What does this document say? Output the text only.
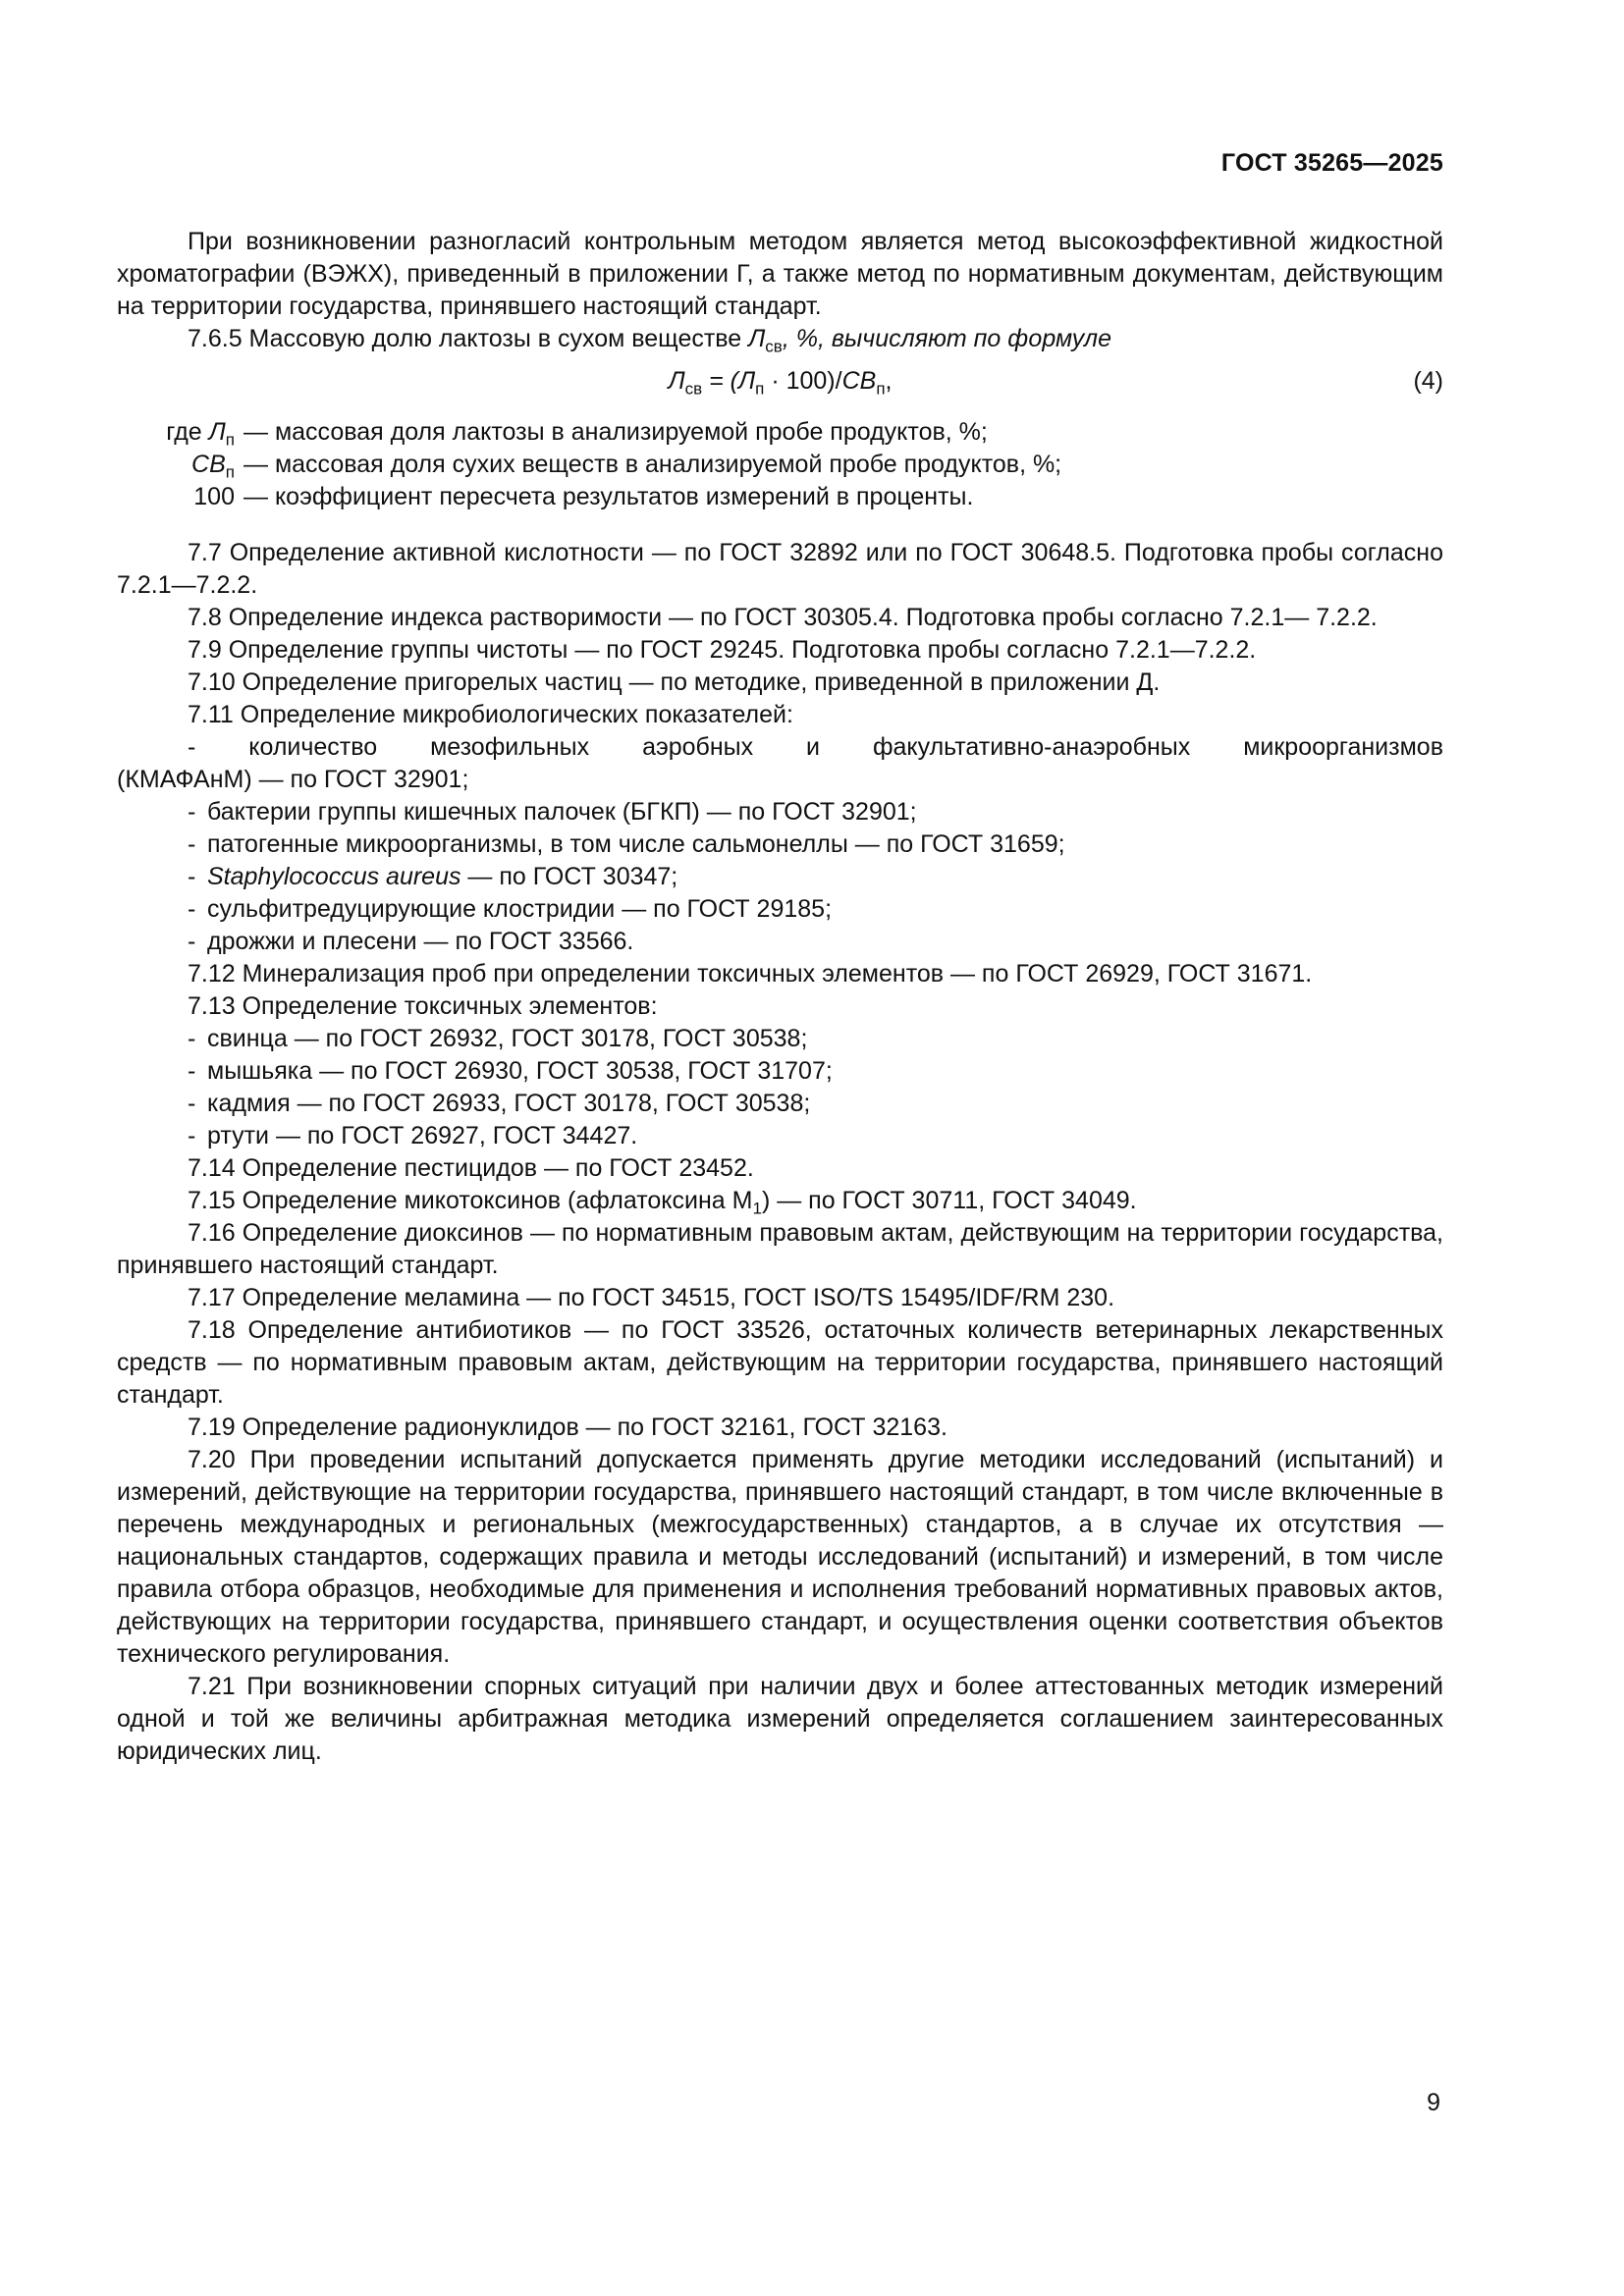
ГОСТ 35265—2025

При возникновении разногласий контрольным методом является метод высокоэффективной жидкостной хроматографии (ВЭЖХ), приведенный в приложении Г, а также метод по нормативным документам, действующим на территории государства, принявшего настоящий стандарт.

7.6.5 Массовую долю лактозы в сухом веществе $Л_{св}$, %, вычисляют по формуле

$Л_{св} = (Л_п \cdot 100)/СВ_п$,	(4)
где $Л_п$ — массовая доля лактозы в анализируемой пробе продуктов, %;
$СВ_п$ — массовая доля сухих веществ в анализируемой пробе продуктов, %;
100 — коэффициент пересчета результатов измерений в проценты.

7.7 Определение активной кислотности — по ГОСТ 32892 или по ГОСТ 30648.5. Подготовка пробы согласно 7.2.1—7.2.2.

7.8 Определение индекса растворимости — по ГОСТ 30305.4. Подготовка пробы согласно 7.2.1— 7.2.2.

7.9 Определение группы чистоты — по ГОСТ 29245. Подготовка пробы согласно 7.2.1—7.2.2.

7.10 Определение пригорелых частиц — по методике, приведенной в приложении Д.

7.11 Определение микробиологических показателей:

- количество мезофильных аэробных и факультативно-анаэробных микроорганизмов

(КМАФАнМ) — по ГОСТ 32901;

- бактерии группы кишечных палочек (БГКП) — по ГОСТ 32901;

- патогенные микроорганизмы, в том числе сальмонеллы — по ГОСТ 31659;

- Staphylococcus aureus — по ГОСТ 30347;

- сульфитредуцирующие клостридии — по ГОСТ 29185;

- дрожжи и плесени — по ГОСТ 33566.

7.12 Минерализация проб при определении токсичных элементов — по ГОСТ 26929, ГОСТ 31671.

7.13 Определение токсичных элементов:

- свинца — по ГОСТ 26932, ГОСТ 30178, ГОСТ 30538;

- мышьяка — по ГОСТ 26930, ГОСТ 30538, ГОСТ 31707;

- кадмия — по ГОСТ 26933, ГОСТ 30178, ГОСТ 30538;

- ртути — по ГОСТ 26927, ГОСТ 34427.

7.14 Определение пестицидов — по ГОСТ 23452.

7.15 Определение микотоксинов (афлатоксина $М_1$) — по ГОСТ 30711, ГОСТ 34049.

7.16 Определение диоксинов — по нормативным правовым актам, действующим на территории государства, принявшего настоящий стандарт.

7.17 Определение меламина — по ГОСТ 34515, ГОСТ ISO/TS 15495/IDF/RM 230.

7.18 Определение антибиотиков — по ГОСТ 33526, остаточных количеств ветеринарных лекарственных средств — по нормативным правовым актам, действующим на территории государства, принявшего настоящий стандарт.

7.19 Определение радионуклидов — по ГОСТ 32161, ГОСТ 32163.

7.20 При проведении испытаний допускается применять другие методики исследований (испытаний) и измерений, действующие на территории государства, принявшего настоящий стандарт, в том числе включенные в перечень международных и региональных (межгосударственных) стандартов, а в случае их отсутствия — национальных стандартов, содержащих правила и методы исследований (испытаний) и измерений, в том числе правила отбора образцов, необходимые для применения и исполнения требований нормативных правовых актов, действующих на территории государства, принявшего стандарт, и осуществления оценки соответствия объектов технического регулирования.

7.21 При возникновении спорных ситуаций при наличии двух и более аттестованных методик измерений одной и той же величины арбитражная методика измерений определяется соглашением заинтересованных юридических лиц.

9
